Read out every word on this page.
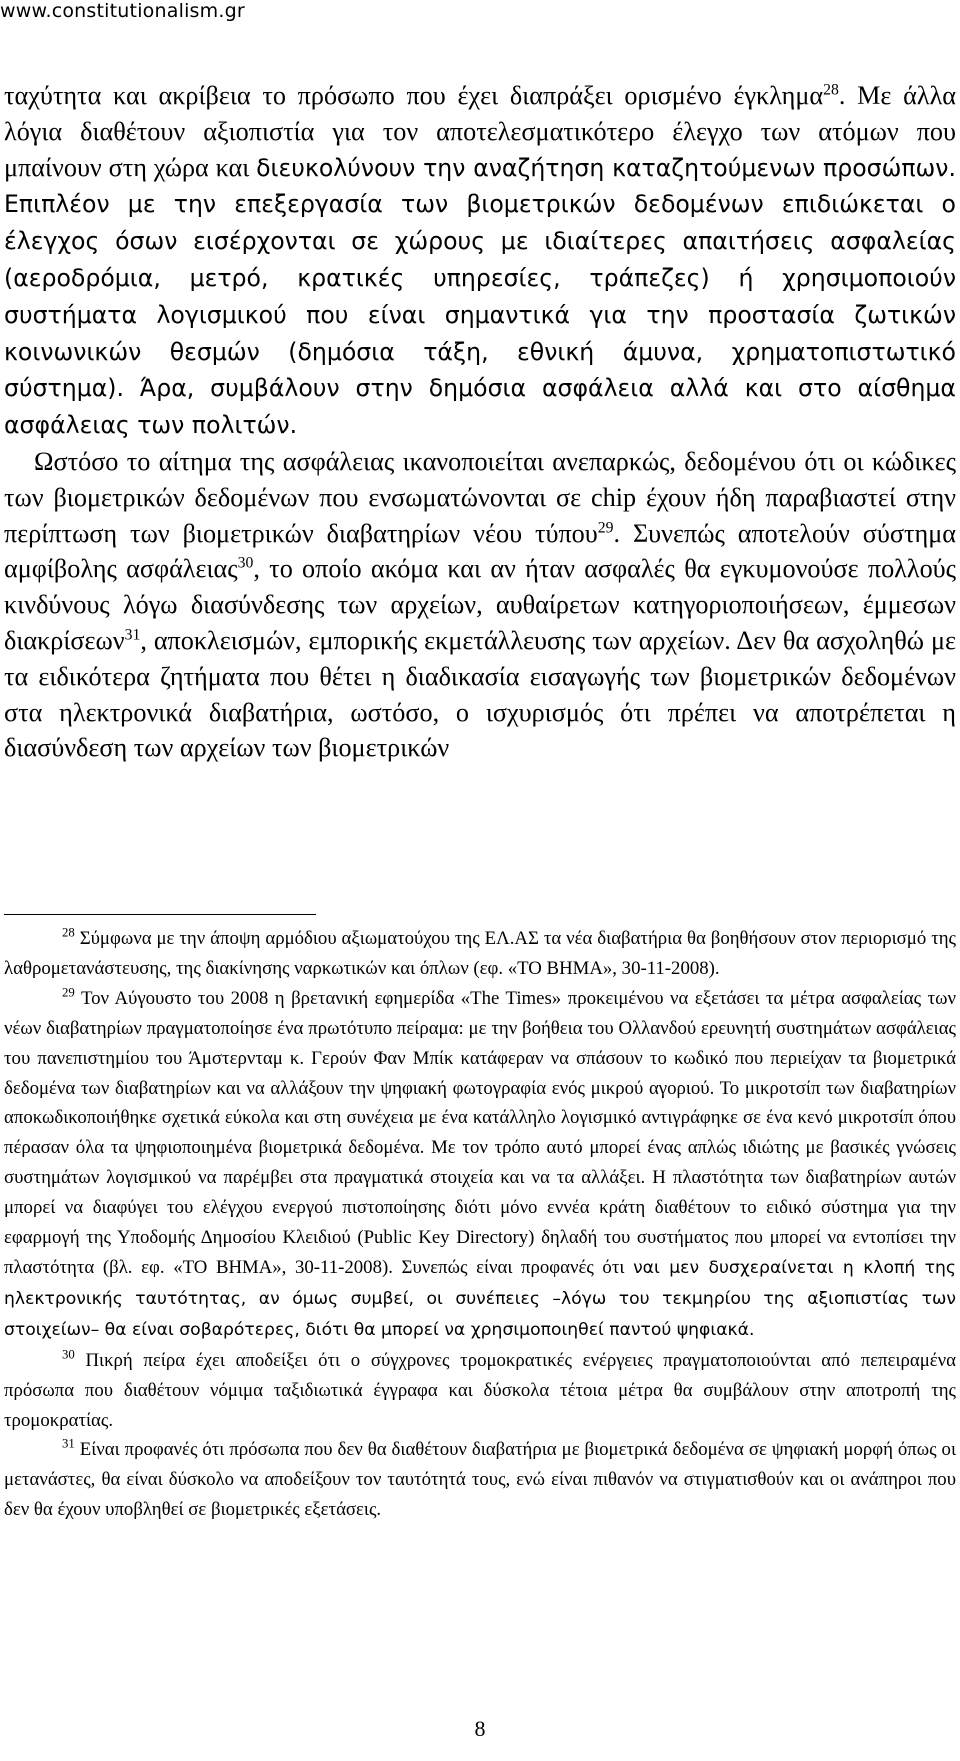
www.constitutionalism.gr

ταχύτητα και ακρίβεια το πρόσωπο που έχει διαπράξει ορισμένο έγκλημα$^{28}$. Με άλλα λόγια διαθέτουν αξιοπιστία για τον αποτελεσματικότερο έλεγχο των ατόμων που μπαίνουν στη χώρα και διευκολύνουν την αναζήτηση καταζητούμενων προσώπων. Επιπλέον με την επεξεργασία των βιομετρικών δεδομένων επιδιώκεται ο έλεγχος όσων εισέρχονται σε χώρους με ιδιαίτερες απαιτήσεις ασφαλείας (αεροδρόμια, μετρό, κρατικές υπηρεσίες, τράπεζες) ή χρησιμοποιούν συστήματα λογισμικού που είναι σημαντικά για την προστασία ζωτικών κοινωνικών θεσμών (δημόσια τάξη, εθνική άμυνα, χρηματοπιστωτικό σύστημα). Άρα, συμβάλουν στην δημόσια ασφάλεια αλλά και στο αίσθημα ασφάλειας των πολιτών.

Ωστόσο το αίτημα της ασφάλειας ικανοποιείται ανεπαρκώς, δεδομένου ότι οι κώδικες των βιομετρικών δεδομένων που ενσωματώνονται σε chip έχουν ήδη παραβιαστεί στην περίπτωση των βιομετρικών διαβατηρίων νέου τύπου$^{29}$. Συνεπώς αποτελούν σύστημα αμφίβολης ασφάλειας$^{30}$, το οποίο ακόμα και αν ήταν ασφαλές θα εγκυμονούσε πολλούς κινδύνους λόγω διασύνδεσης των αρχείων, αυθαίρετων κατηγοριοποιήσεων, έμμεσων διακρίσεων$^{31}$, αποκλεισμών, εμπορικής εκμετάλλευσης των αρχείων. Δεν θα ασχοληθώ με τα ειδικότερα ζητήματα που θέτει η διαδικασία εισαγωγής των βιομετρικών δεδομένων στα ηλεκτρονικά διαβατήρια, ωστόσο, ο ισχυρισμός ότι πρέπει να αποτρέπεται η διασύνδεση των αρχείων των βιομετρικών

$^{28}$ Σύμφωνα με την άποψη αρμόδιου αξιωματούχου της ΕΛ.ΑΣ τα νέα διαβατήρια θα βοηθήσουν στον περιορισμό της λαθρομετανάστευσης, της διακίνησης ναρκωτικών και όπλων (εφ. «ΤΟ ΒΗΜΑ», 30-11-2008).

$^{29}$ Τον Αύγουστο του 2008 η βρετανική εφημερίδα «The Times» προκειμένου να εξετάσει τα μέτρα ασφαλείας των νέων διαβατηρίων πραγματοποίησε ένα πρωτότυπο πείραμα: με την βοήθεια του Ολλανδού ερευνητή συστημάτων ασφάλειας του πανεπιστημίου του Άμστερνταμ κ. Γερούν Φαν Μπίκ κατάφεραν να σπάσουν το κωδικό που περιείχαν τα βιομετρικά δεδομένα των διαβατηρίων και να αλλάξουν την ψηφιακή φωτογραφία ενός μικρού αγοριού. Το μικροτσίπ των διαβατηρίων αποκωδικοποιήθηκε σχετικά εύκολα και στη συνέχεια με ένα κατάλληλο λογισμικό αντιγράφηκε σε ένα κενό μικροτσίπ όπου πέρασαν όλα τα ψηφιοποιημένα βιομετρικά δεδομένα. Με τον τρόπο αυτό μπορεί ένας απλώς ιδιώτης με βασικές γνώσεις συστημάτων λογισμικού να παρέμβει στα πραγματικά στοιχεία και να τα αλλάξει. Η πλαστότητα των διαβατηρίων αυτών μπορεί να διαφύγει του ελέγχου ενεργού πιστοποίησης διότι μόνο εννέα κράτη διαθέτουν το ειδικό σύστημα για την εφαρμογή της Υποδομής Δημοσίου Κλειδιού (Public Key Directory) δηλαδή του συστήματος που μπορεί να εντοπίσει την πλαστότητα (βλ. εφ. «ΤΟ ΒΗΜΑ», 30-11-2008). Συνεπώς είναι προφανές ότι ναι μεν δυσχεραίνεται η κλοπή της ηλεκτρονικής ταυτότητας, αν όμως συμβεί, οι συνέπειες –λόγω του τεκμηρίου της αξιοπιστίας των στοιχείων– θα είναι σοβαρότερες, διότι θα μπορεί να χρησιμοποιηθεί παντού ψηφιακά.

$^{30}$ Πικρή πείρα έχει αποδείξει ότι ο σύγχρονες τρομοκρατικές ενέργειες πραγματοποιούνται από πεπειραμένα πρόσωπα που διαθέτουν νόμιμα ταξιδιωτικά έγγραφα και δύσκολα τέτοια μέτρα θα συμβάλουν στην αποτροπή της τρομοκρατίας.

$^{31}$ Είναι προφανές ότι πρόσωπα που δεν θα διαθέτουν διαβατήρια με βιομετρικά δεδομένα σε ψηφιακή μορφή όπως οι μετανάστες, θα είναι δύσκολο να αποδείξουν τον ταυτότητά τους, ενώ είναι πιθανόν να στιγματισθούν και οι ανάπηροι που δεν θα έχουν υποβληθεί σε βιομετρικές εξετάσεις.

8
